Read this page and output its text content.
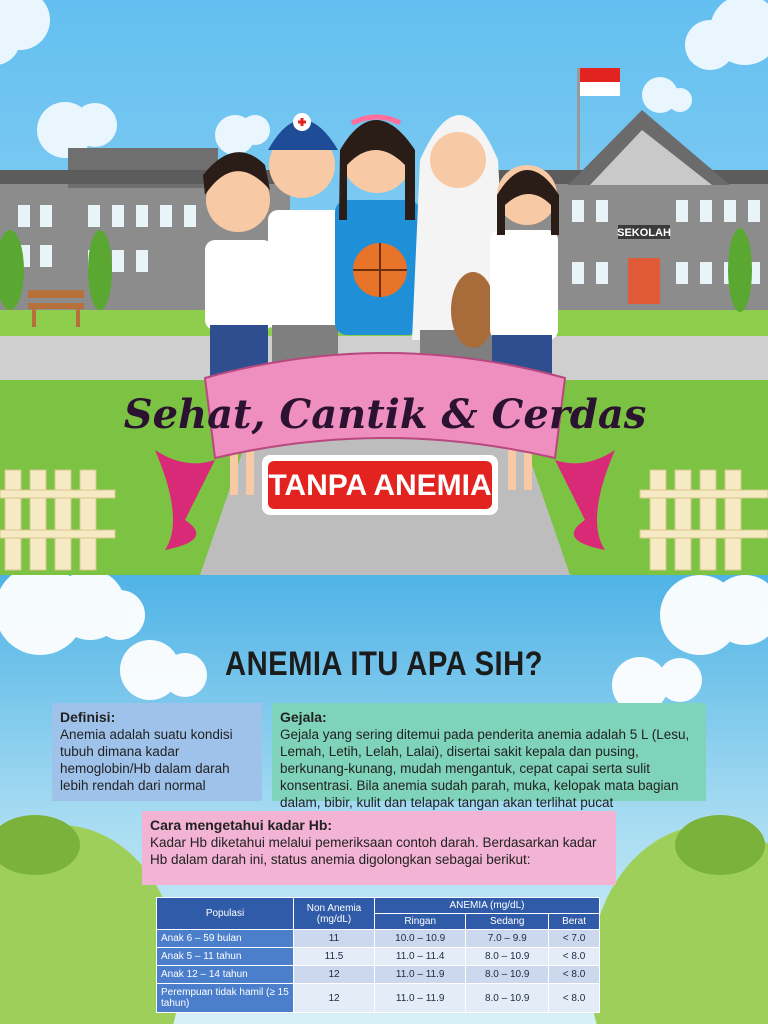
SEKOLAH
Sehat, Cantik & Cerdas
TANPA ANEMIA
ANEMIA ITU APA SIH?
Definisi:
Anemia adalah suatu kondisi tubuh dimana kadar hemoglobin/Hb dalam darah lebih rendah dari normal
Gejala:
Gejala yang sering ditemui pada penderita anemia adalah 5 L (Lesu, Lemah, Letih, Lelah, Lalai), disertai sakit kepala dan pusing, berkunang-kunang, mudah mengantuk, cepat capai serta sulit konsentrasi. Bila anemia sudah parah, muka, kelopak mata bagian dalam, bibir, kulit dan telapak tangan akan terlihat pucat
Cara mengetahui kadar Hb:
Kadar Hb diketahui melalui pemeriksaan contoh darah. Berdasarkan kadar Hb dalam darah ini, status anemia digolongkan sebagai berikut:
Populasi	Non Anemia (mg/dL)	ANEMIA (mg/dL)		
		Ringan	Sedang	Berat
Anak 6 – 59 bulan	11	10.0 – 10.9	7.0 – 9.9	< 7.0
Anak 5 – 11 tahun	11.5	11.0 – 11.4	8.0 – 10.9	< 8.0
Anak 12 – 14 tahun	12	11.0 – 11.9	8.0 – 10.9	< 8.0
Perempuan tidak hamil (≥ 15 tahun)	12	11.0 – 11.9	8.0 – 10.9	< 8.0
